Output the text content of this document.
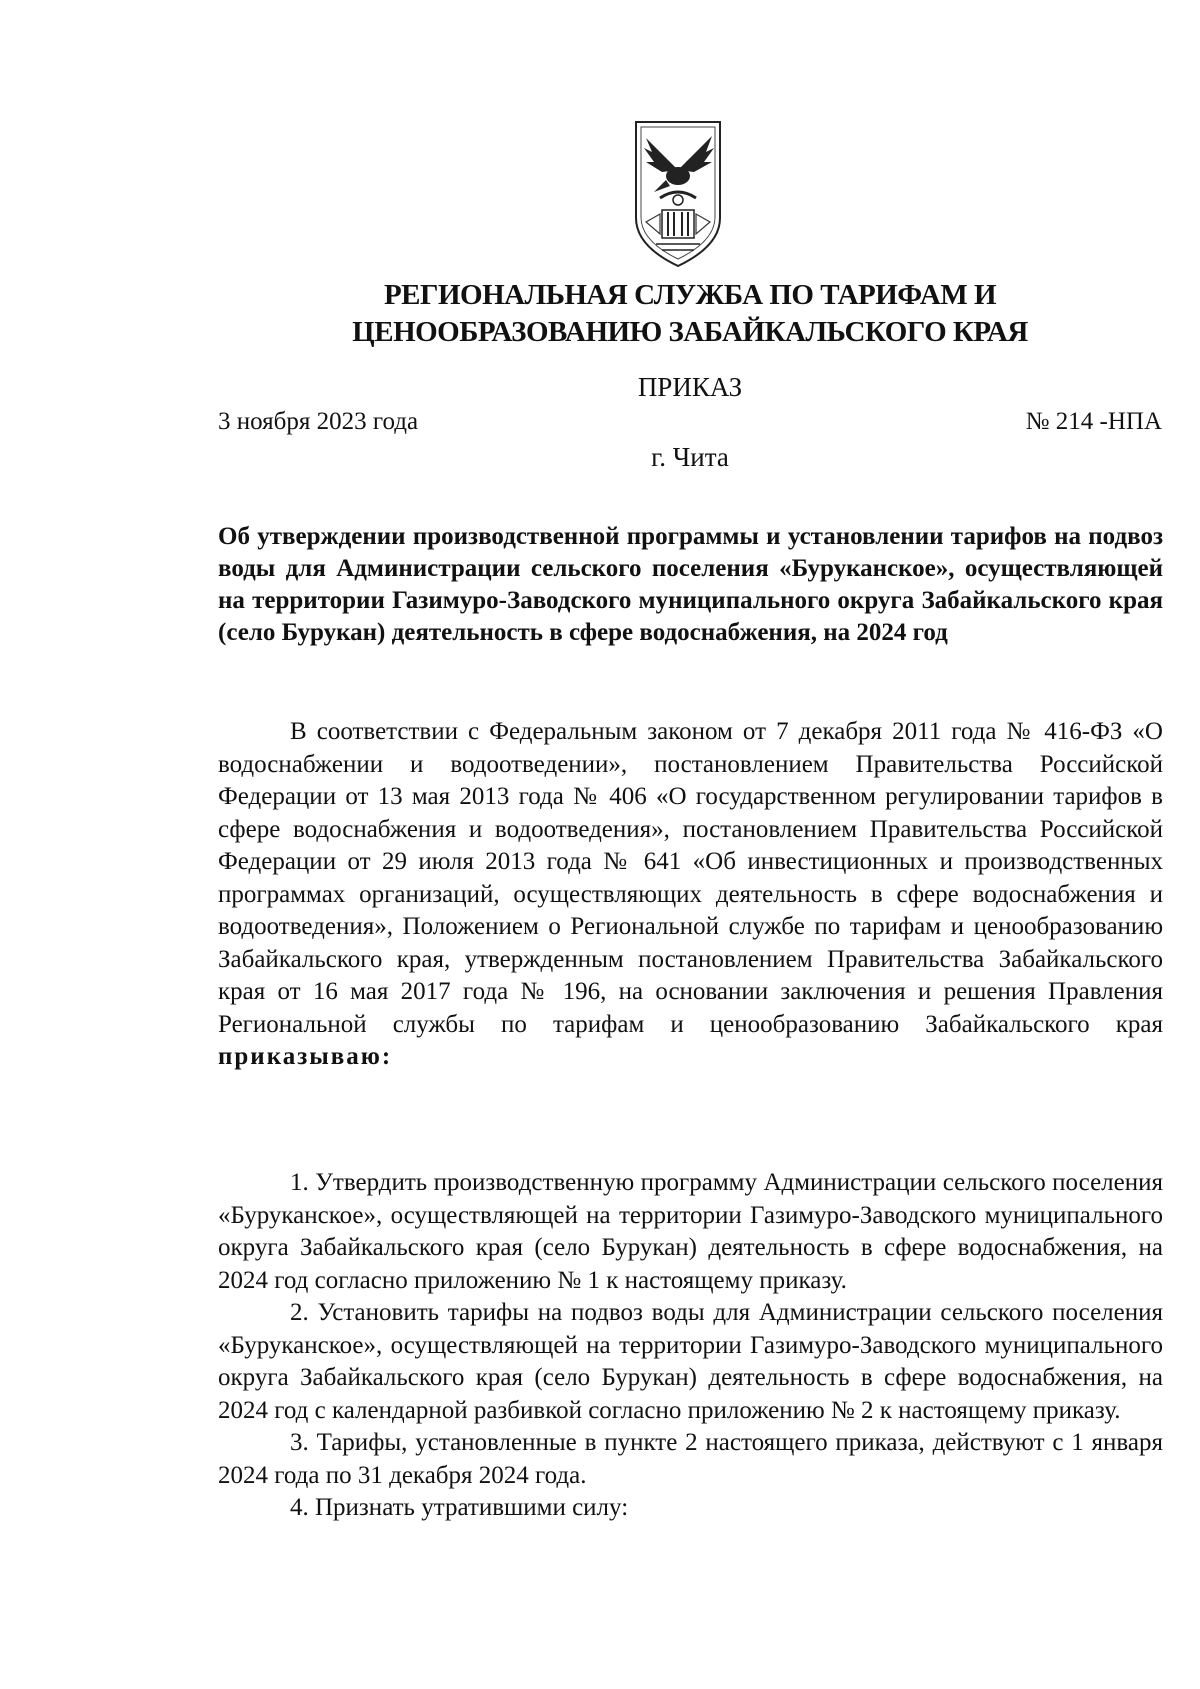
РЕГИОНАЛЬНАЯ СЛУЖБА ПО ТАРИФАМ И
ЦЕНООБРАЗОВАНИЮ ЗАБАЙКАЛЬСКОГО КРАЯ
ПРИКАЗ
3 ноября 2023 года	№ 214 -НПА
г. Чита
Об утверждении производственной программы и установлении тарифов на подвоз воды для Администрации сельского поселения «Буруканское», осуществляющей на территории Газимуро-Заводского муниципального округа Забайкальского края (село Бурукан) деятельность в сфере водоснабжения, на 2024 год

В соответствии с Федеральным законом от 7 декабря 2011 года № 416-ФЗ «О водоснабжении и водоотведении», постановлением Правительства Российской Федерации от 13 мая 2013 года № 406 «О государственном регулировании тарифов в сфере водоснабжения и водоотведения», постановлением Правительства Российской Федерации от 29 июля 2013 года № 641 «Об инвестиционных и производственных программах организаций, осуществляющих деятельность в сфере водоснабжения и водоотведения», Положением о Региональной службе по тарифам и ценообразованию Забайкальского края, утвержденным постановлением Правительства Забайкальского края от 16 мая 2017 года № 196, на основании заключения и решения Правления Региональной службы по тарифам и ценообразованию Забайкальского края приказываю:

1. Утвердить производственную программу Администрации сельского поселения «Буруканское», осуществляющей на территории Газимуро-Заводского муниципального округа Забайкальского края (село Бурукан) деятельность в сфере водоснабжения, на 2024 год согласно приложению № 1 к настоящему приказу.

2. Установить тарифы на подвоз воды для Администрации сельского поселения «Буруканское», осуществляющей на территории Газимуро-Заводского муниципального округа Забайкальского края (село Бурукан) деятельность в сфере водоснабжения, на 2024 год с календарной разбивкой согласно приложению № 2 к настоящему приказу.

3. Тарифы, установленные в пункте 2 настоящего приказа, действуют с 1 января 2024 года по 31 декабря 2024 года.

4. Признать утратившими силу:
